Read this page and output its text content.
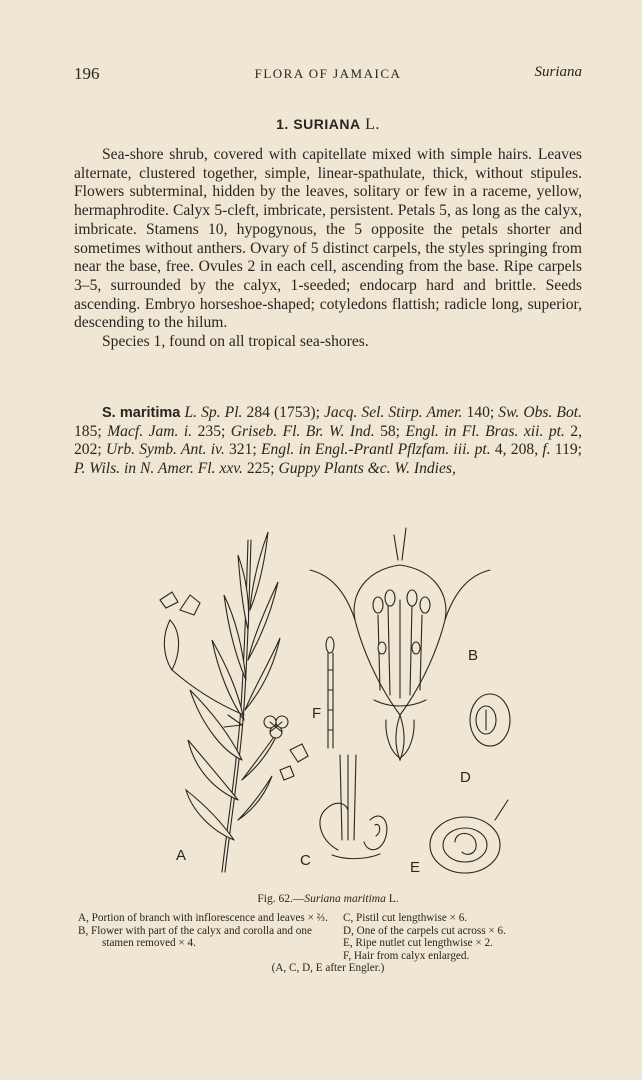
196	FLORA OF JAMAICA	Suriana
1. SURIANA L.

Sea-shore shrub, covered with capitellate mixed with simple hairs. Leaves alternate, clustered together, simple, linear-spathulate, thick, without stipules. Flowers subterminal, hidden by the leaves, solitary or few in a raceme, yellow, hermaphrodite. Calyx 5-cleft, imbricate, persistent. Petals 5, as long as the calyx, imbricate. Stamens 10, hypogynous, the 5 opposite the petals shorter and sometimes without anthers. Ovary of 5 distinct carpels, the styles springing from near the base, free. Ovules 2 in each cell, ascending from the base. Ripe carpels 3–5, surrounded by the calyx, 1-seeded; endocarp hard and brittle. Seeds ascending. Embryo horseshoe-shaped; cotyledons flattish; radicle long, superior, descending to the hilum.

Species 1, found on all tropical sea-shores.

S. maritima L. Sp. Pl. 284 (1753); Jacq. Sel. Stirp. Amer. 140; Sw. Obs. Bot. 185; Macf. Jam. i. 235; Griseb. Fl. Br. W. Ind. 58; Engl. in Fl. Bras. xii. pt. 2, 202; Urb. Symb. Ant. iv. 321; Engl. in Engl.-Prantl Pflzfam. iii. pt. 4, 208, f. 119; P. Wils. in N. Amer. Fl. xxv. 225; Guppy Plants &c. W. Indies,

A
B
C
D
E
F
Fig. 62.—Suriana maritima L.
A, Portion of branch with inflorescence and leaves × ⅔.
B, Flower with part of the calyx and corolla and one stamen removed × 4.
C, Pistil cut lengthwise × 6.
D, One of the carpels cut across × 6.
E, Ripe nutlet cut lengthwise × 2.
F, Hair from calyx enlarged.
(A, C, D, E after Engler.)
